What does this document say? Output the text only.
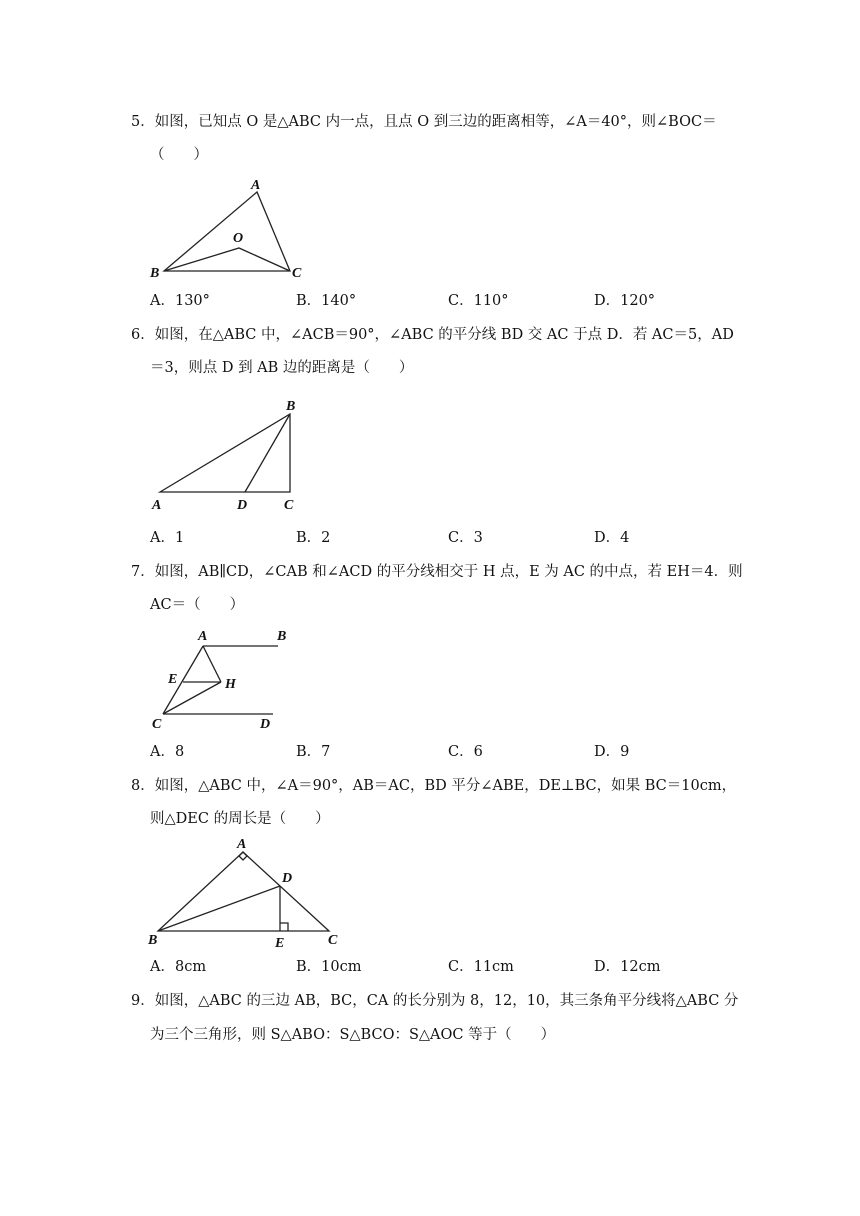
5．如图，已知点 O 是△ABC 内一点，且点 O 到三边的距离相等，∠A＝40°，则∠BOC＝
（　　）
A
B	C
O
A．130°	B．140°	C．110°	D．120°
6．如图，在△ABC 中，∠ACB＝90°，∠ABC 的平分线 BD 交 AC 于点 D．若 AC＝5，AD
＝3，则点 D 到 AB 边的距离是（　　）
A
B
C
D
A．1	B．2	C．3	D．4
7．如图，AB∥CD，∠CAB 和∠ACD 的平分线相交于 H 点，E 为 AC 的中点，若 EH＝4．则
AC＝（　　）
A	B
C	D
E	H
A．8	B．7	C．6	D．9
8．如图，△ABC 中，∠A＝90°，AB＝AC，BD 平分∠ABE，DE⊥BC，如果 BC＝10cm，
则△DEC 的周长是（　　）
A
B	C
D
E
A．8cm	B．10cm	C．11cm	D．12cm
9．如图，△ABC 的三边 AB，BC，CA 的长分别为 8，12，10，其三条角平分线将△ABC 分
为三个三角形，则 S△ABO：S△BCO：S△AOC 等于（　　）
